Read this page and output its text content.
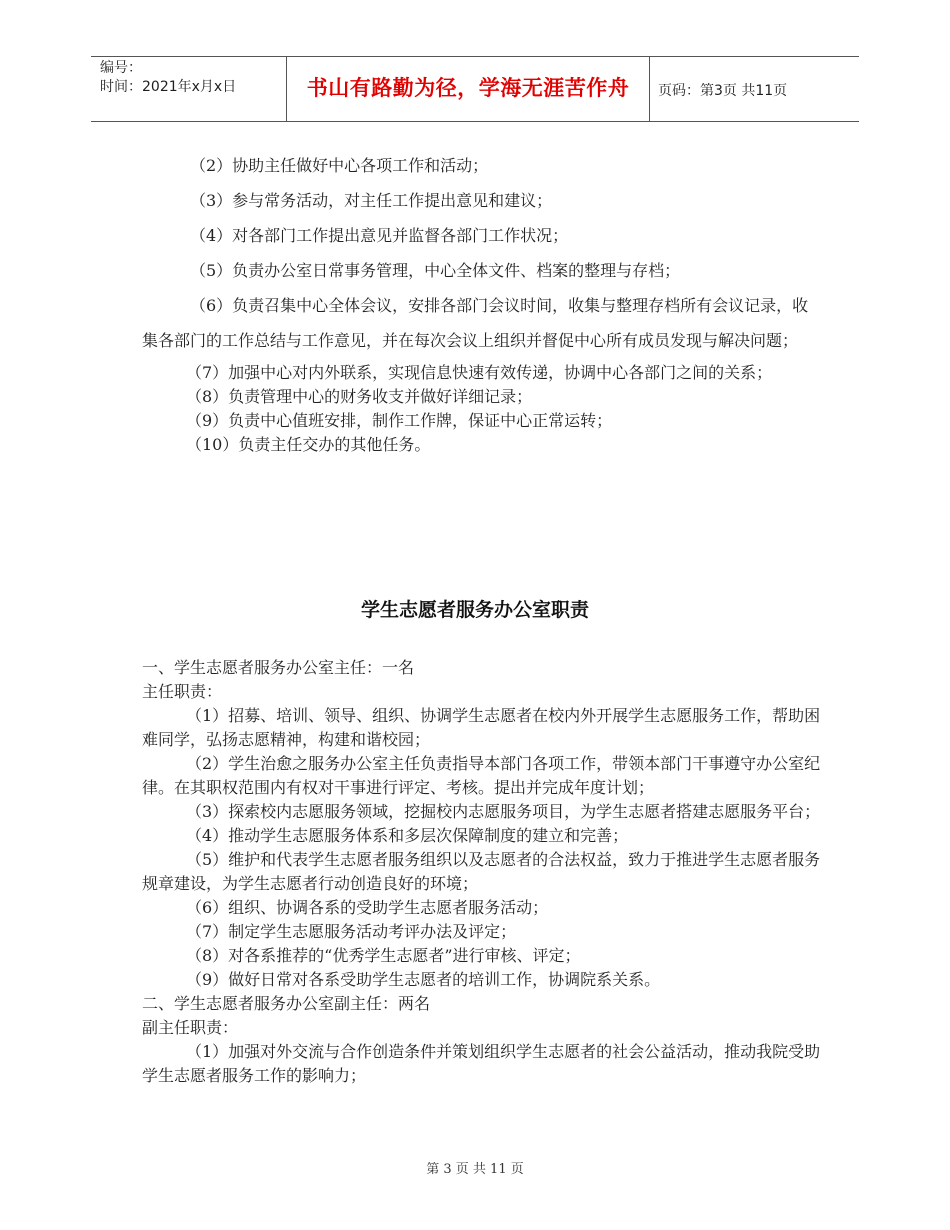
编号：
时间：2021年x月x日	书山有路勤为径，学海无涯苦作舟	页码：第3页 共11页

（2）协助主任做好中心各项工作和活动；

（3）参与常务活动，对主任工作提出意见和建议；

（4）对各部门工作提出意见并监督各部门工作状况；

（5）负责办公室日常事务管理，中心全体文件、档案的整理与存档；

（6）负责召集中心全体会议，安排各部门会议时间，收集与整理存档所有会议记录，收集各部门的工作总结与工作意见，并在每次会议上组织并督促中心所有成员发现与解决问题；

（7）加强中心对内外联系，实现信息快速有效传递，协调中心各部门之间的关系；

（8）负责管理中心的财务收支并做好详细记录；

（9）负责中心值班安排，制作工作牌，保证中心正常运转；

（10）负责主任交办的其他任务。

学生志愿者服务办公室职责

一、学生志愿者服务办公室主任：一名

主任职责：

（1）招募、培训、领导、组织、协调学生志愿者在校内外开展学生志愿服务工作，帮助困难同学，弘扬志愿精神，构建和谐校园；

（2）学生治愈之服务办公室主任负责指导本部门各项工作，带领本部门干事遵守办公室纪律。在其职权范围内有权对干事进行评定、考核。提出并完成年度计划；

（3）探索校内志愿服务领域，挖掘校内志愿服务项目，为学生志愿者搭建志愿服务平台；

（4）推动学生志愿服务体系和多层次保障制度的建立和完善；

（5）维护和代表学生志愿者服务组织以及志愿者的合法权益，致力于推进学生志愿者服务规章建设，为学生志愿者行动创造良好的环境；

（6）组织、协调各系的受助学生志愿者服务活动；

（7）制定学生志愿服务活动考评办法及评定；

（8）对各系推荐的“优秀学生志愿者”进行审核、评定；

（9）做好日常对各系受助学生志愿者的培训工作，协调院系关系。

二、学生志愿者服务办公室副主任：两名

副主任职责：

（1）加强对外交流与合作创造条件并策划组织学生志愿者的社会公益活动，推动我院受助学生志愿者服务工作的影响力；

第 3 页 共 11 页
